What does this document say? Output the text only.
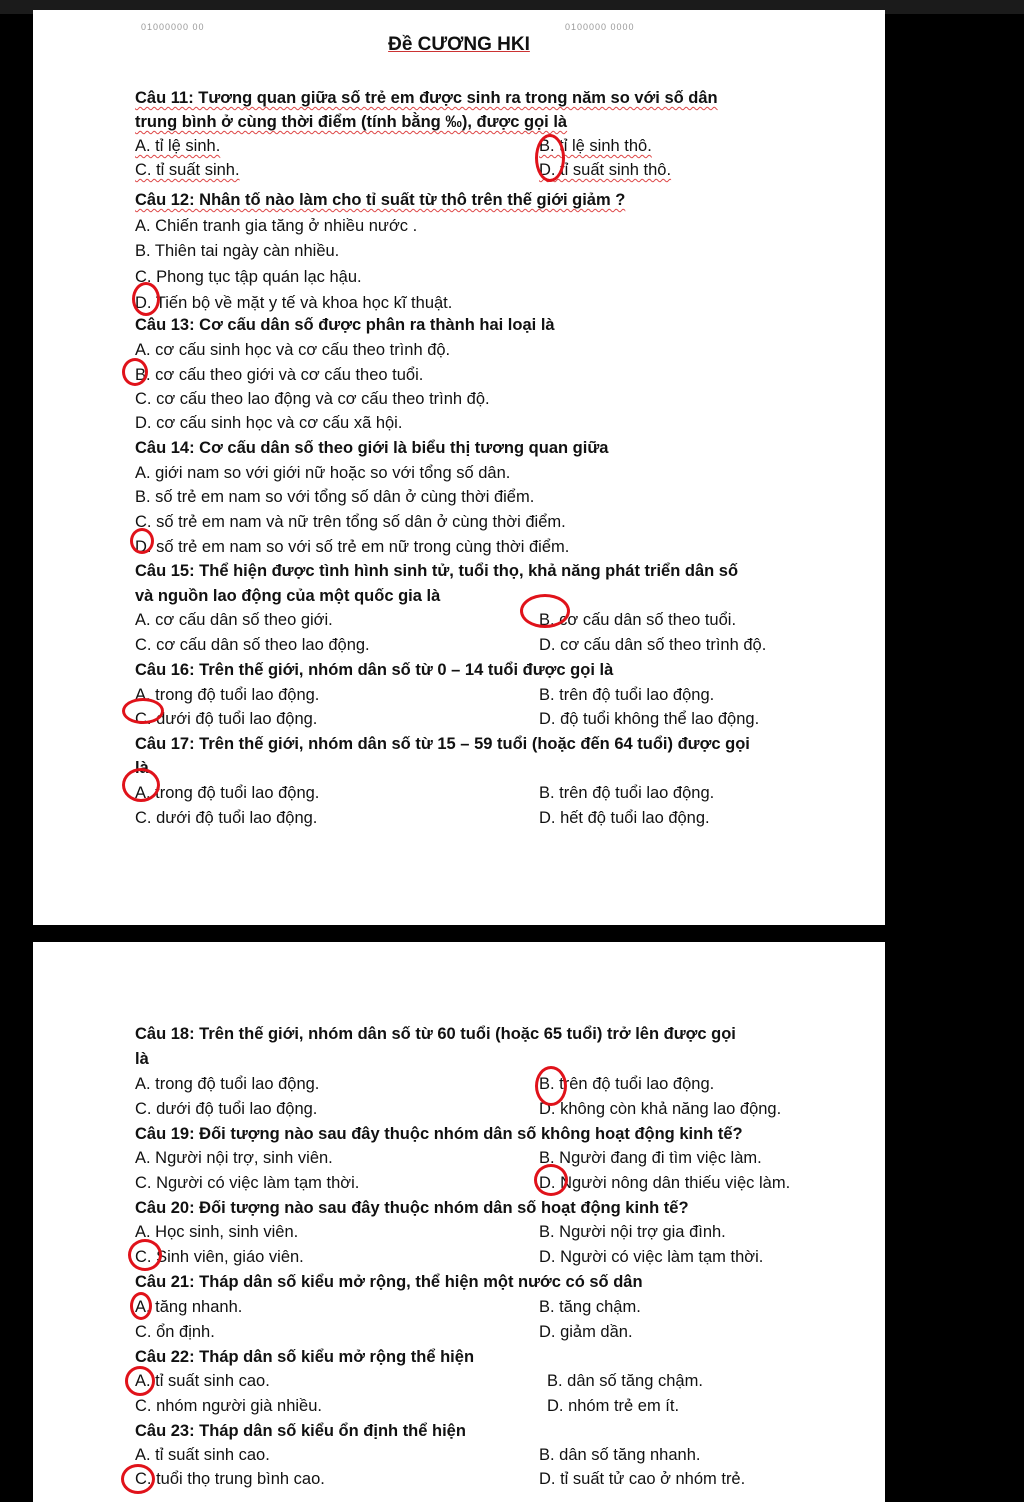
01000000 00	0100000 0000
Đề CƯƠNG HKI
Câu 11: Tương quan giữa số trẻ em được sinh ra trong năm so với số dân
trung bình ở cùng thời điểm (tính bằng ‰), được gọi là
A. tỉ lệ sinh.	B. tỉ lệ sinh thô.
C. tỉ suất sinh.	D. tỉ suất sinh thô.
Câu 12: Nhân tố nào làm cho tỉ suất từ thô trên thế giới giảm ?
A. Chiến tranh gia tăng ở nhiều nước .
B. Thiên tai ngày càn nhiều.
C. Phong tục tập quán lạc hậu.
D. Tiến bộ về mặt y tế và khoa học kĩ thuật.
Câu 13: Cơ cấu dân số được phân ra thành hai loại là
A. cơ cấu sinh học và cơ cấu theo trình độ.
B. cơ cấu theo giới và cơ cấu theo tuổi.
C. cơ cấu theo lao động và cơ cấu theo trình độ.
D. cơ cấu sinh học và cơ cấu xã hội.
Câu 14: Cơ cấu dân số theo giới là biểu thị tương quan giữa
A. giới nam so với giới nữ hoặc so với tổng số dân.
B. số trẻ em nam so với tổng số dân ở cùng thời điểm.
C. số trẻ em nam và nữ trên tổng số dân ở cùng thời điểm.
D. số trẻ em nam so với số trẻ em nữ trong cùng thời điểm.
Câu 15: Thể hiện được tình hình sinh tử, tuổi thọ, khả năng phát triển dân số
và nguồn lao động của một quốc gia là
A. cơ cấu dân số theo giới.	B. cơ cấu dân số theo tuổi.
C. cơ cấu dân số theo lao động.	D. cơ cấu dân số theo trình độ.
Câu 16: Trên thế giới, nhóm dân số từ 0 – 14 tuổi được gọi là
A. trong độ tuổi lao động.	B. trên độ tuổi lao động.
C. dưới độ tuổi lao động.	D. độ tuổi không thể lao động.
Câu 17: Trên thế giới, nhóm dân số từ 15 – 59 tuổi (hoặc đến 64 tuổi) được gọi
là
A. trong độ tuổi lao động.	B. trên độ tuổi lao động.
C. dưới độ tuổi lao động.	D. hết độ tuổi lao động.
Câu 18: Trên thế giới, nhóm dân số từ 60 tuổi (hoặc 65 tuổi) trở lên được gọi
là
A. trong độ tuổi lao động.	B. trên độ tuổi lao động.
C. dưới độ tuổi lao động.	D. không còn khả năng lao động.
Câu 19: Đối tượng nào sau đây thuộc nhóm dân số không hoạt động kinh tế?
A. Người nội trợ, sinh viên.	B. Người đang đi tìm việc làm.
C. Người có việc làm tạm thời.	D. Người nông dân thiếu việc làm.
Câu 20: Đối tượng nào sau đây thuộc nhóm dân số hoạt động kinh tế?
A. Học sinh, sinh viên.	B. Người nội trợ gia đình.
C. Sinh viên, giáo viên.	D. Người có việc làm tạm thời.
Câu 21: Tháp dân số kiểu mở rộng, thể hiện một nước có số dân
A. tăng nhanh.	B. tăng chậm.
C. ổn định.	D. giảm dần.
Câu 22: Tháp dân số kiểu mở rộng thể hiện
A. tỉ suất sinh cao.	B. dân số tăng chậm.
C. nhóm người già nhiều.	D. nhóm trẻ em ít.
Câu 23: Tháp dân số kiểu ổn định thể hiện
A. tỉ suất sinh cao.	B. dân số tăng nhanh.
C. tuổi thọ trung bình cao.	D. tỉ suất tử cao ở nhóm trẻ.
